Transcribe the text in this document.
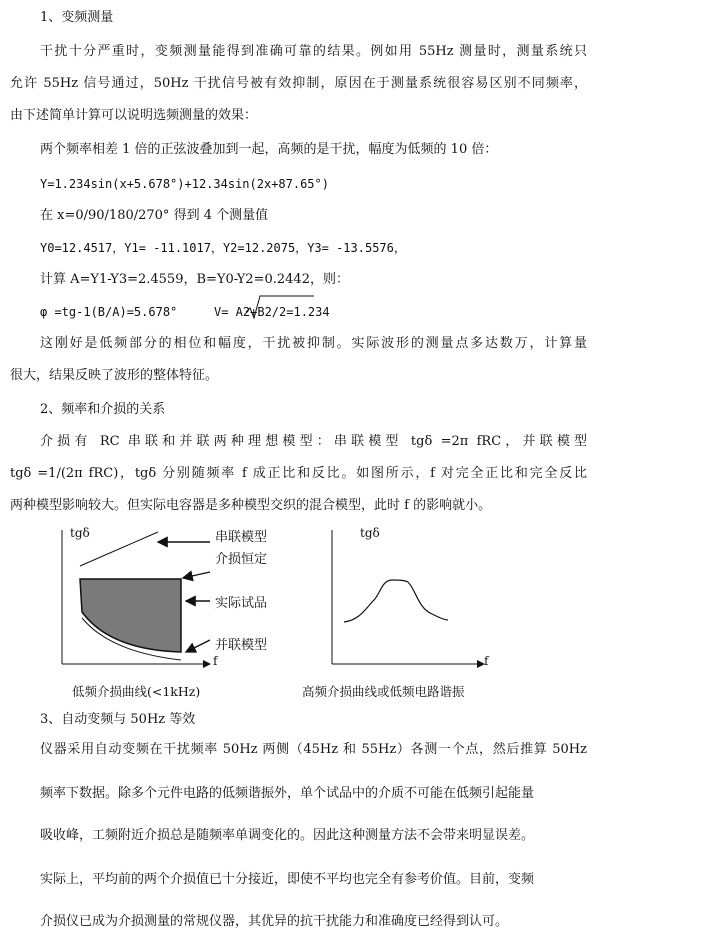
1、变频测量
干扰十分严重时，变频测量能得到准确可靠的结果。例如用 55Hz 测量时，测量系统只
允许 55Hz 信号通过，50Hz 干扰信号被有效抑制，原因在于测量系统很容易区别不同频率，
由下述简单计算可以说明选频测量的效果：
两个频率相差 1 倍的正弦波叠加到一起，高频的是干扰，幅度为低频的 10 倍：
Y=1.234sin(x+5.678°)+12.34sin(2x+87.65°)
在 x=0/90/180/270° 得到 4 个测量值
Y0=12.4517，Y1= -11.1017，Y2=12.2075，Y3= -13.5576，
计算 A=Y1-Y3=2.4559，B=Y0-Y2=0.2442，则：
φ =tg-1(B/A)=5.678°	V= A2+B2/2=1.234
这刚好是低频部分的相位和幅度，干扰被抑制。实际波形的测量点多达数万，计算量
很大，结果反映了波形的整体特征。
2、频率和介损的关系
介损有 RC 串联和并联两种理想模型：串联模型 tgδ =2π fRC，并联模型
tgδ =1/(2π fRC)，tgδ 分别随频率 f 成正比和反比。如图所示，f 对完全正比和完全反比
两种模型影响较大。但实际电容器是多种模型交织的混合模型，此时 f 的影响就小。
tgδ
f
串联模型
介损恒定
实际试品
并联模型
低频介损曲线(<1kHz)
tgδ
f
高频介损曲线或低频电路谐振
3、自动变频与 50Hz 等效
仪器采用自动变频在干扰频率 50Hz 两侧（45Hz 和 55Hz）各测一个点，然后推算 50Hz
频率下数据。除多个元件电路的低频谐振外，单个试品中的介质不可能在低频引起能量
吸收峰，工频附近介损总是随频率单调变化的。因此这种测量方法不会带来明显误差。
实际上，平均前的两个介损值已十分接近，即使不平均也完全有参考价值。目前，变频
介损仪已成为介损测量的常规仪器，其优异的抗干扰能力和准确度已经得到认可。
